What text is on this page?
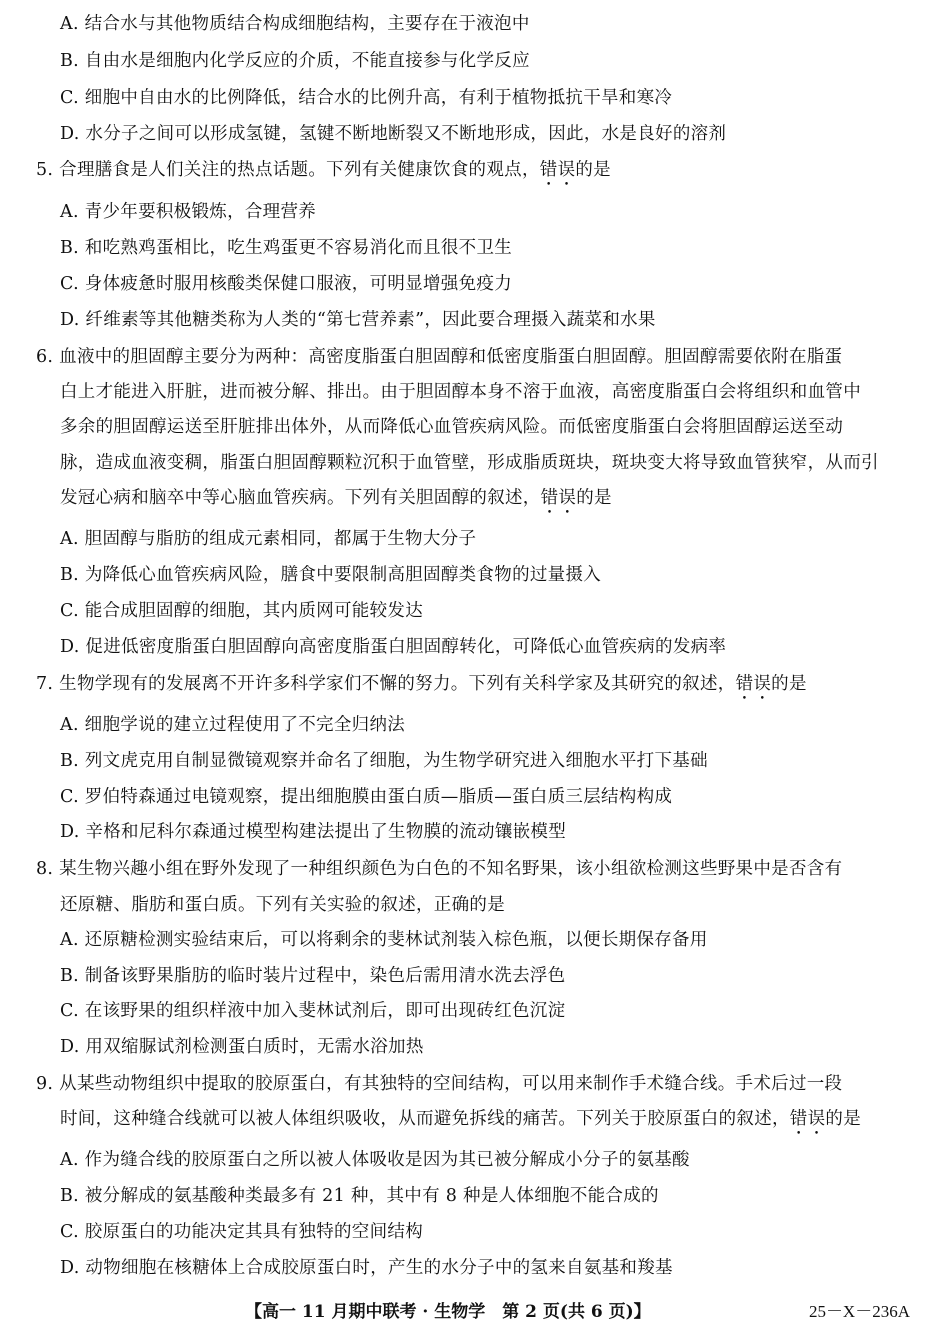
A. 结合水与其他物质结合构成细胞结构，主要存在于液泡中
B. 自由水是细胞内化学反应的介质，不能直接参与化学反应
C. 细胞中自由水的比例降低，结合水的比例升高，有利于植物抵抗干旱和寒冷
D. 水分子之间可以形成氢键，氢键不断地断裂又不断地形成，因此，水是良好的溶剂
5. 合理膳食是人们关注的热点话题。下列有关健康饮食的观点，错误的是
A. 青少年要积极锻炼，合理营养
B. 和吃熟鸡蛋相比，吃生鸡蛋更不容易消化而且很不卫生
C. 身体疲惫时服用核酸类保健口服液，可明显增强免疫力
D. 纤维素等其他糖类称为人类的“第七营养素”，因此要合理摄入蔬菜和水果
6. 血液中的胆固醇主要分为两种：高密度脂蛋白胆固醇和低密度脂蛋白胆固醇。胆固醇需要依附在脂蛋
白上才能进入肝脏，进而被分解、排出。由于胆固醇本身不溶于血液，高密度脂蛋白会将组织和血管中
多余的胆固醇运送至肝脏排出体外，从而降低心血管疾病风险。而低密度脂蛋白会将胆固醇运送至动
脉，造成血液变稠，脂蛋白胆固醇颗粒沉积于血管壁，形成脂质斑块，斑块变大将导致血管狭窄，从而引
发冠心病和脑卒中等心脑血管疾病。下列有关胆固醇的叙述，错误的是
A. 胆固醇与脂肪的组成元素相同，都属于生物大分子
B. 为降低心血管疾病风险，膳食中要限制高胆固醇类食物的过量摄入
C. 能合成胆固醇的细胞，其内质网可能较发达
D. 促进低密度脂蛋白胆固醇向高密度脂蛋白胆固醇转化，可降低心血管疾病的发病率
7. 生物学现有的发展离不开许多科学家们不懈的努力。下列有关科学家及其研究的叙述，错误的是
A. 细胞学说的建立过程使用了不完全归纳法
B. 列文虎克用自制显微镜观察并命名了细胞，为生物学研究进入细胞水平打下基础
C. 罗伯特森通过电镜观察，提出细胞膜由蛋白质—脂质—蛋白质三层结构构成
D. 辛格和尼科尔森通过模型构建法提出了生物膜的流动镶嵌模型
8. 某生物兴趣小组在野外发现了一种组织颜色为白色的不知名野果，该小组欲检测这些野果中是否含有
还原糖、脂肪和蛋白质。下列有关实验的叙述，正确的是
A. 还原糖检测实验结束后，可以将剩余的斐林试剂装入棕色瓶，以便长期保存备用
B. 制备该野果脂肪的临时装片过程中，染色后需用清水洗去浮色
C. 在该野果的组织样液中加入斐林试剂后，即可出现砖红色沉淀
D. 用双缩脲试剂检测蛋白质时，无需水浴加热
9. 从某些动物组织中提取的胶原蛋白，有其独特的空间结构，可以用来制作手术缝合线。手术后过一段
时间，这种缝合线就可以被人体组织吸收，从而避免拆线的痛苦。下列关于胶原蛋白的叙述，错误的是
A. 作为缝合线的胶原蛋白之所以被人体吸收是因为其已被分解成小分子的氨基酸
B. 被分解成的氨基酸种类最多有 21 种，其中有 8 种是人体细胞不能合成的
C. 胶原蛋白的功能决定其具有独特的空间结构
D. 动物细胞在核糖体上合成胶原蛋白时，产生的水分子中的氢来自氨基和羧基
【高一 11 月期中联考 · 生物学　第 2 页(共 6 页)】	25－X－236A
